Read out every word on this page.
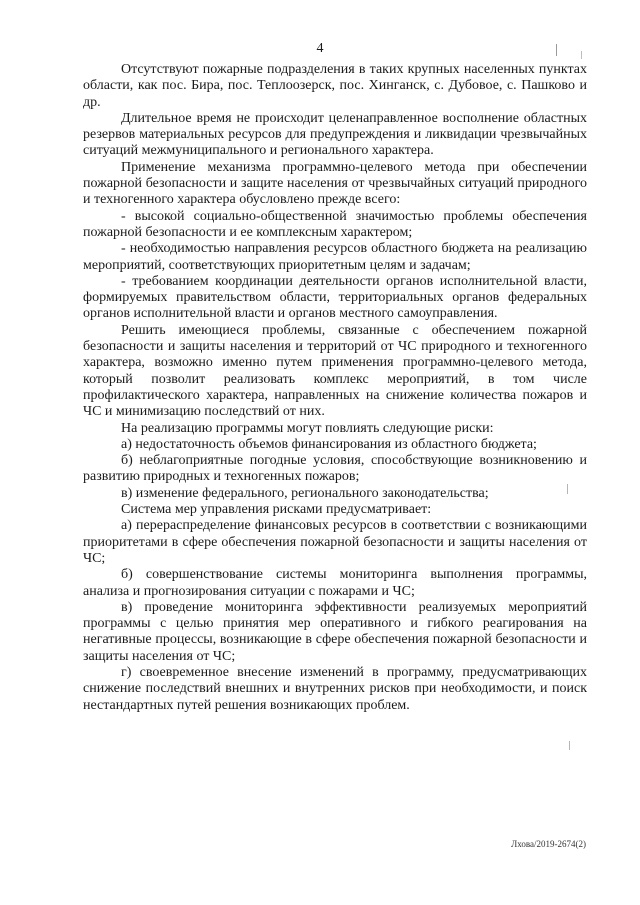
4

Отсутствуют пожарные подразделения в таких крупных населенных пунктах области, как пос. Бира, пос. Теплоозерск, пос. Хинганск, с. Дубовое, с. Пашково и др.

Длительное время не происходит целенаправленное восполнение областных резервов материальных ресурсов для предупреждения и ликвидации чрезвычайных ситуаций межмуниципального и регионального характера.

Применение механизма программно-целевого метода при обеспечении пожарной безопасности и защите населения от чрезвычайных ситуаций природного и техногенного характера обусловлено прежде всего:

- высокой социально-общественной значимостью проблемы обеспечения пожарной безопасности и ее комплексным характером;

- необходимостью направления ресурсов областного бюджета на реализацию мероприятий, соответствующих приоритетным целям и задачам;

- требованием координации деятельности органов исполнительной власти, формируемых правительством области, территориальных органов федеральных органов исполнительной власти и органов местного самоуправления.

Решить имеющиеся проблемы, связанные с обеспечением пожарной безопасности и защиты населения и территорий от ЧС природного и техногенного характера, возможно именно путем применения программно-целевого метода, который позволит реализовать комплекс мероприятий, в том числе профилактического характера, направленных на снижение количества пожаров и ЧС и минимизацию последствий от них.

На реализацию программы могут повлиять следующие риски:

а) недостаточность объемов финансирования из областного бюджета;

б) неблагоприятные погодные условия, способствующие возникновению и развитию природных и техногенных пожаров;

в) изменение федерального, регионального законодательства;

Система мер управления рисками предусматривает:

а) перераспределение финансовых ресурсов в соответствии с возникающими приоритетами в сфере обеспечения пожарной безопасности и защиты населения от ЧС;

б) совершенствование системы мониторинга выполнения программы, анализа и прогнозирования ситуации с пожарами и ЧС;

в) проведение мониторинга эффективности реализуемых мероприятий программы с целью принятия мер оперативного и гибкого реагирования на негативные процессы, возникающие в сфере обеспечения пожарной безопасности и защиты населения от ЧС;

г) своевременное внесение изменений в программу, предусматривающих снижение последствий внешних и внутренних рисков при необходимости, и поиск нестандартных путей решения возникающих проблем.

Лхова/2019-2674(2)
